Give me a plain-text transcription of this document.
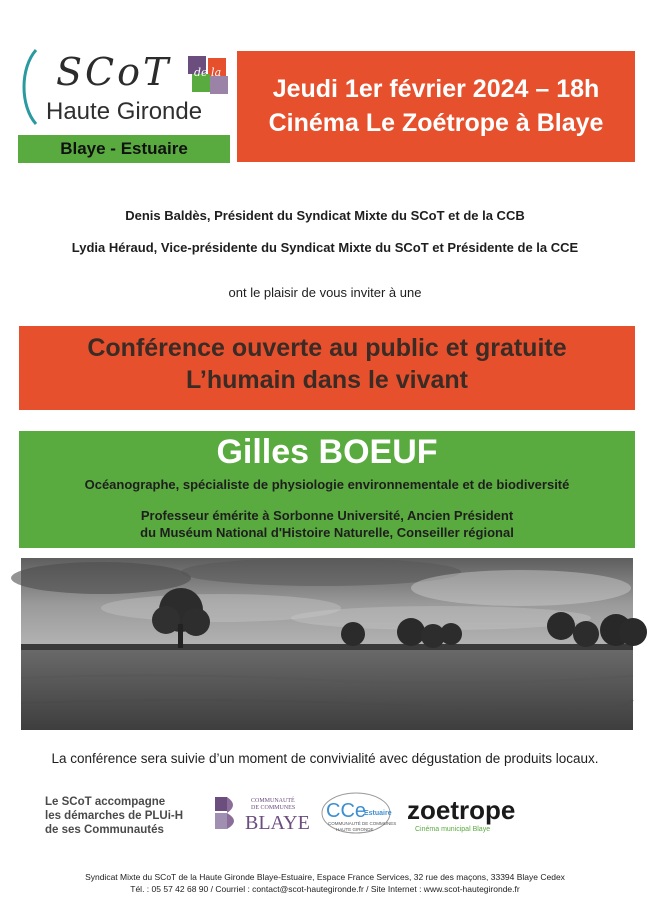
SCoT de la
Haute Gironde
Blaye - Estuaire
Jeudi 1er février 2024 – 18h
Cinéma Le Zoétrope à Blaye
Denis Baldès, Président du Syndicat Mixte du SCoT et de la CCB
Lydia Héraud, Vice-présidente du Syndicat Mixte du SCoT et Présidente de la CCE
ont le plaisir de vous inviter à une
Conférence ouverte au public et gratuite
L’humain dans le vivant
Gilles BOEUF
Océanographe, spécialiste de physiologie environnementale et de biodiversité
Professeur émérite à Sorbonne Université, Ancien Président
du Muséum National d'Histoire Naturelle, Conseiller régional
La conférence sera suivie d’un moment de convivialité avec dégustation de produits locaux.
Le SCoT accompagne
les démarches de PLUi-H
de ses Communautés
COMMUNAUTÉ
DE COMMUNES
BLAYE
CCe
Estuaire
COMMUNAUTÉ DE COMMUNES
HAUTE GIRONDE
zoetrope
Cinéma municipal Blaye
Syndicat Mixte du SCoT de la Haute Gironde Blaye-Estuaire, Espace France Services, 32 rue des maçons, 33394 Blaye Cedex
Tél. : 05 57 42 68 90 / Courriel : contact@scot-hautegironde.fr / Site Internet : www.scot-hautegironde.fr
